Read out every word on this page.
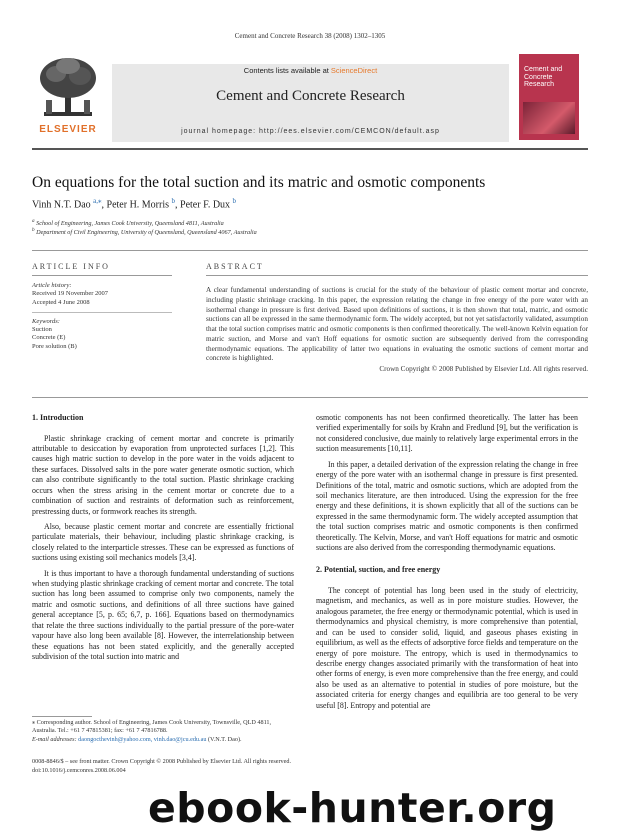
Cement and Concrete Research 38 (2008) 1302–1305
ELSEVIER
Contents lists available at ScienceDirect
Cement and Concrete Research
journal homepage: http://ees.elsevier.com/CEMCON/default.asp
Cement and Concrete Research
On equations for the total suction and its matric and osmotic components
Vinh N.T. Dao $^{a,⁎}$, Peter H. Morris $^b$, Peter F. Dux $^b$
$^a$ School of Engineering, James Cook University, Queensland 4811, Australia
$^b$ Department of Civil Engineering, University of Queensland, Queensland 4067, Australia
ARTICLE INFO
Article history:
Received 19 November 2007
Accepted 4 June 2008
Keywords:
Suction
Concrete (E)
Pore solution (B)
ABSTRACT
A clear fundamental understanding of suctions is crucial for the study of the behaviour of plastic cement mortar and concrete, including plastic shrinkage cracking. In this paper, the expression relating the change in free energy of the pore water with an isothermal change in pressure is first derived. Based upon definitions of suctions, it is then shown that total, matric, and osmotic suctions can all be expressed in the same thermodynamic form. The widely accepted, but not yet satisfactorily validated, assumption that the total suction comprises matric and osmotic components is then confirmed theoretically. The well-known Kelvin equation for matric suction, and Morse and van't Hoff equations for osmotic suction are subsequently derived from the corresponding thermodynamic equations. The applicability of latter two equations in evaluating the osmotic suctions of cement mortar and concrete is highlighted.
Crown Copyright © 2008 Published by Elsevier Ltd. All rights reserved.
1. Introduction

Plastic shrinkage cracking of cement mortar and concrete is primarily attributable to desiccation by evaporation from unprotected surfaces [1,2]. This causes high matric suction to develop in the pore water in the voids adjacent to these surfaces. Dissolved salts in the pore water generate osmotic suction, which can also contribute significantly to the total suction. Plastic shrinkage cracking occurs when the stress arising in the cement mortar or concrete due to a combination of suction and restraints of deformation such as reinforcement, prestressing ducts, or formwork reaches its strength.

Also, because plastic cement mortar and concrete are essentially frictional particulate materials, their behaviour, including plastic shrinkage cracking, is closely related to the interparticle stresses. These can be expressed as functions of suctions using existing soil mechanics models [3,4].

It is thus important to have a thorough fundamental understanding of suctions when studying plastic shrinkage cracking of cement mortar and concrete. The total suction has long been assumed to comprise only two components, namely the matric and osmotic suctions, and definitions of all three suctions have gained general acceptance [5, p. 65; 6,7, p. 166]. Equations based on thermodynamics that relate the three suctions individually to the partial pressure of the pore-water vapour have also long been available [8]. However, the interrelationship between these equations has not been stated explicitly, and the generally accepted subdivision of the total suction into matric and

osmotic components has not been confirmed theoretically. The latter has been verified experimentally for soils by Krahn and Fredlund [9], but the verification is not considered conclusive, due mainly to relatively large experimental errors in the suction measurements [10,11].

In this paper, a detailed derivation of the expression relating the change in free energy of the pore water with an isothermal change in pressure is first presented. Definitions of the total, matric and osmotic suctions, which are adopted from the soil mechanics literature, are then introduced. Using the expression for the free energy and these definitions, it is shown explicitly that all of the suctions can be expressed in the same thermodynamic form. The widely accepted assumption that the total suction comprises matric and osmotic components is then confirmed theoretically. The Kelvin, Morse, and van't Hoff equations for matric and osmotic suctions are also derived from the corresponding thermodynamic equations.

2. Potential, suction, and free energy

The concept of potential has long been used in the study of electricity, magnetism, and mechanics, as well as in pore moisture studies. However, the analogous parameter, the free energy or thermodynamic potential, which is used in thermodynamics and physical chemistry, is more comprehensive than potential, and can be used to consider solid, liquid, and gaseous phases existing in equilibrium, as well as the effects of adsorptive force fields and temperature on the energy of pore moisture. The entropy, which is used in thermodynamics to describe energy changes associated primarily with the transformation of heat into other forms of energy, is even more comprehensive than the free energy, and could also be used as an alternative to potential in studies of pore moisture, but the associated criteria for energy changes and equilibria are too general to be very useful [8]. Entropy and potential are

⁎ Corresponding author. School of Engineering, James Cook University, Townsville, QLD 4811, Australia. Tel.: +61 7 47815381; fax: +61 7 47816788.
E-mail addresses: daongocthevinh@yahoo.com, vinh.dao@jcu.edu.au (V.N.T. Dao).
0008-8846/$ – see front matter. Crown Copyright © 2008 Published by Elsevier Ltd. All rights reserved.
doi:10.1016/j.cemconres.2008.06.004
ebook-hunter.org
